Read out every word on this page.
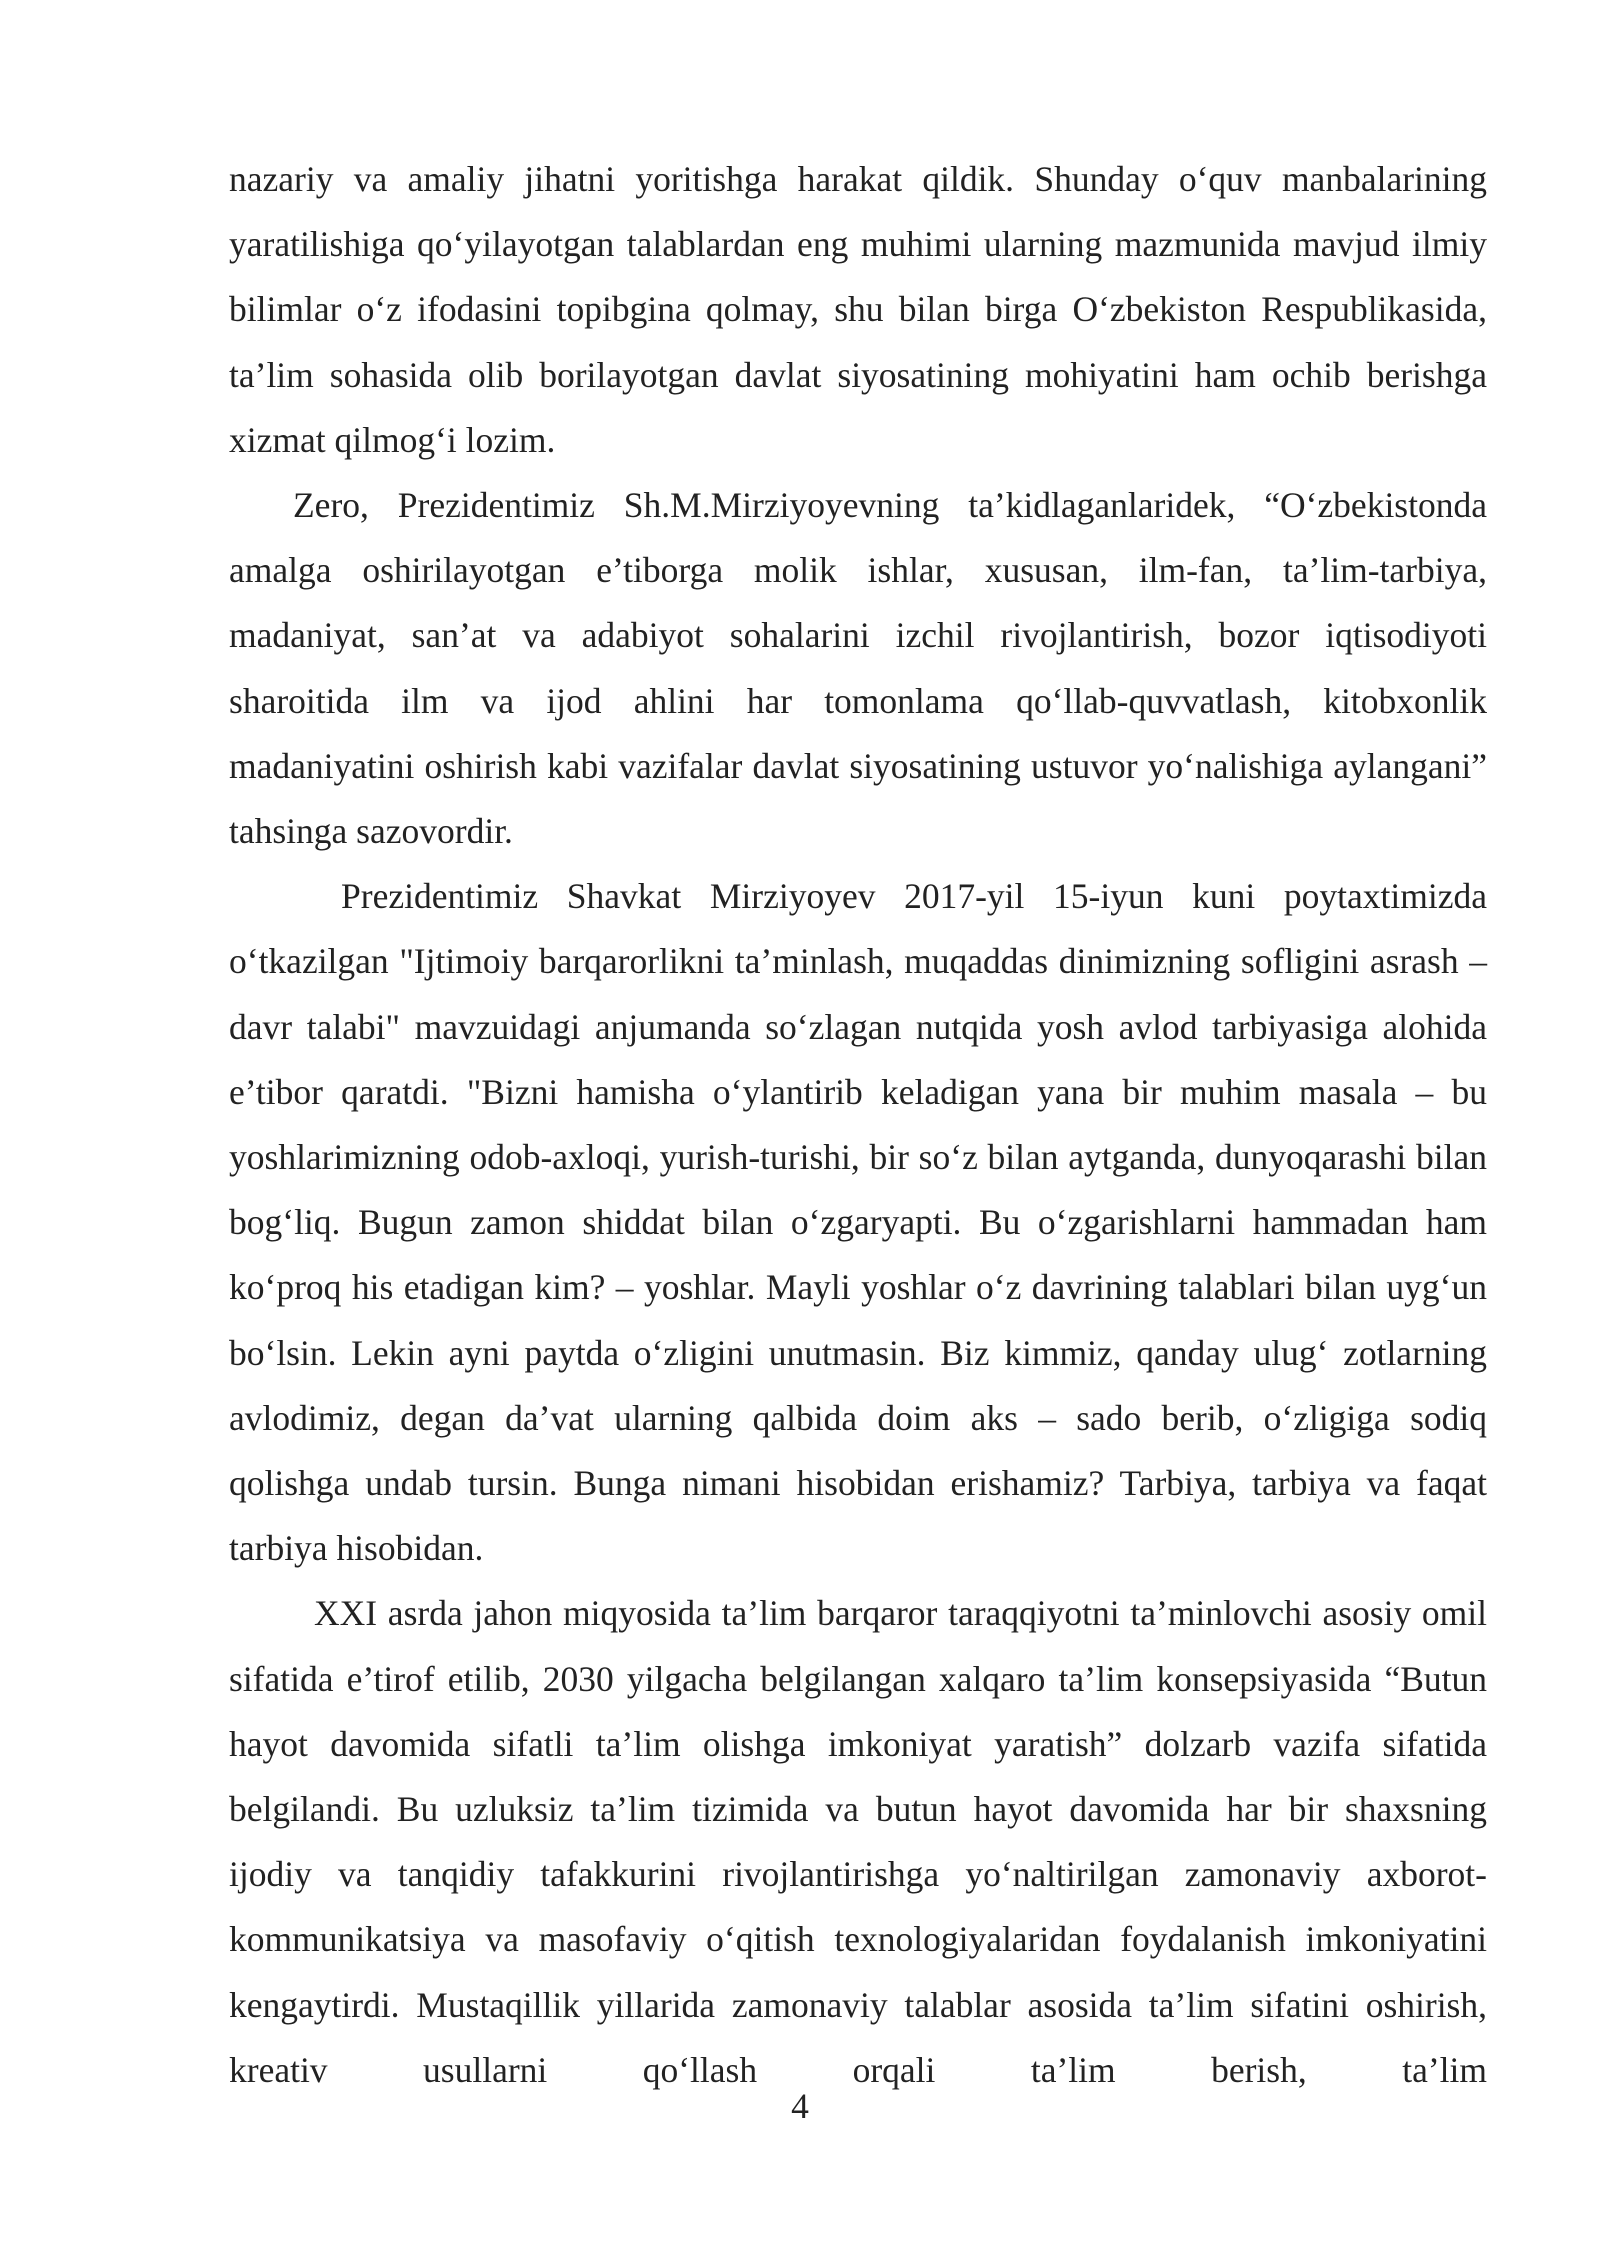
nazariy va amaliy jihatni yoritishga harakat qildik. Shunday o‘quv manbalarining yaratilishiga qo‘yilayotgan talablardan eng muhimi ularning mazmunida mavjud ilmiy bilimlar o‘z ifodasini topibgina qolmay, shu bilan birga O‘zbekiston Respublikasida, ta’lim sohasida olib borilayotgan davlat siyosatining mohiyatini ham ochib berishga xizmat qilmog‘i lozim.

Zero, Prezidentimiz Sh.M.Mirziyoyevning ta’kidlaganlaridek, “O‘zbekistonda amalga oshirilayotgan e’tiborga molik ishlar, xususan, ilm-fan, ta’lim-tarbiya, madaniyat, san’at va adabiyot sohalarini izchil rivojlantirish, bozor iqtisodiyoti sharoitida ilm va ijod ahlini har tomonlama qo‘llab-quvvatlash, kitobxonlik madaniyatini oshirish kabi vazifalar davlat siyosatining ustuvor yo‘nalishiga aylangani” tahsinga sazovordir.

Prezidentimiz Shavkat Mirziyoyev 2017-yil 15-iyun kuni poytaxtimizda o‘tkazilgan "Ijtimoiy barqarorlikni ta’minlash, muqaddas dinimizning sofligini asrash – davr talabi" mavzuidagi anjumanda so‘zlagan nutqida yosh avlod tarbiyasiga alohida e’tibor qaratdi. "Bizni hamisha o‘ylantirib keladigan yana bir muhim masala – bu yoshlarimizning odob-axloqi, yurish-turishi, bir so‘z bilan aytganda, dunyoqarashi bilan bog‘liq. Bugun zamon shiddat bilan o‘zgaryapti. Bu o‘zgarishlarni hammadan ham ko‘proq his etadigan kim? – yoshlar. Mayli yoshlar o‘z davrining talablari bilan uyg‘un bo‘lsin. Lekin ayni paytda o‘zligini unutmasin. Biz kimmiz, qanday ulug‘ zotlarning avlodimiz, degan da’vat ularning qalbida doim aks – sado berib, o‘zligiga sodiq qolishga undab tursin. Bunga nimani hisobidan erishamiz? Tarbiya, tarbiya va faqat tarbiya hisobidan.

XXI asrda jahon miqyosida ta’lim barqaror taraqqiyotni ta’minlovchi asosiy omil sifatida e’tirof etilib, 2030 yilgacha belgilangan xalqaro ta’lim konsepsiyasida “Butun hayot davomida sifatli ta’lim olishga imkoniyat yaratish” dolzarb vazifa sifatida belgilandi. Bu uzluksiz ta’lim tizimida va butun hayot davomida har bir shaxsning ijodiy va tanqidiy tafakkurini rivojlantirishga yo‘naltirilgan zamonaviy axborot-kommunikatsiya va masofaviy o‘qitish texnologiyalaridan foydalanish imkoniyatini kengaytirdi. Mustaqillik yillarida zamonaviy talablar asosida ta’lim sifatini oshirish, kreativ usullarni qo‘llash orqali ta’lim berish, ta’lim

4
